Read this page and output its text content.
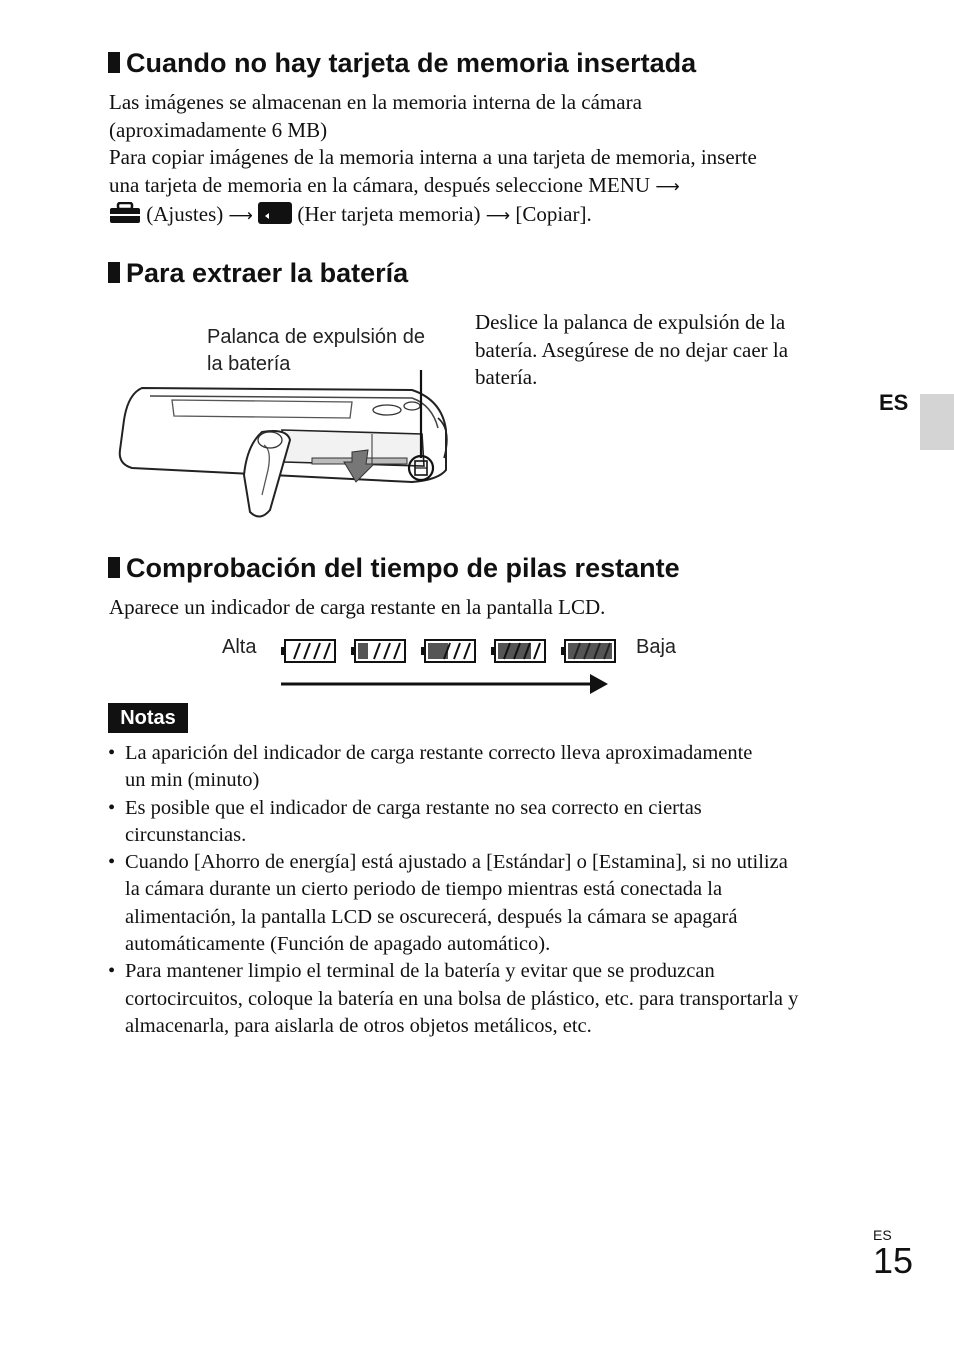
Cuando no hay tarjeta de memoria insertada

Las imágenes se almacenan en la memoria interna de la cámara

(aproximadamente 6 MB)

Para copiar imágenes de la memoria interna a una tarjeta de memoria, inserte

una tarjeta de memoria en la cámara, después seleccione MENU ⟶

(Ajustes) ⟶ (Her tarjeta memoria) ⟶ [Copiar].

Para extraer la batería
Palanca de expulsión de
la batería

Deslice la palanca de expulsión de la

batería. Asegúrese de no dejar caer la

batería.

ES
Comprobación del tiempo de pilas restante

Aparece un indicador de carga restante en la pantalla LCD.

Alta	Baja
Notas
• La aparición del indicador de carga restante correcto lleva aproximadamente
un min (minuto)
• Es posible que el indicador de carga restante no sea correcto en ciertas
circunstancias.
• Cuando [Ahorro de energía] está ajustado a [Estándar] o [Estamina], si no utiliza
la cámara durante un cierto periodo de tiempo mientras está conectada la
alimentación, la pantalla LCD se oscurecerá, después la cámara se apagará
automáticamente (Función de apagado automático).
• Para mantener limpio el terminal de la batería y evitar que se produzcan
cortocircuitos, coloque la batería en una bolsa de plástico, etc. para transportarla y
almacenarla, para aislarla de otros objetos metálicos, etc.
ES
15
